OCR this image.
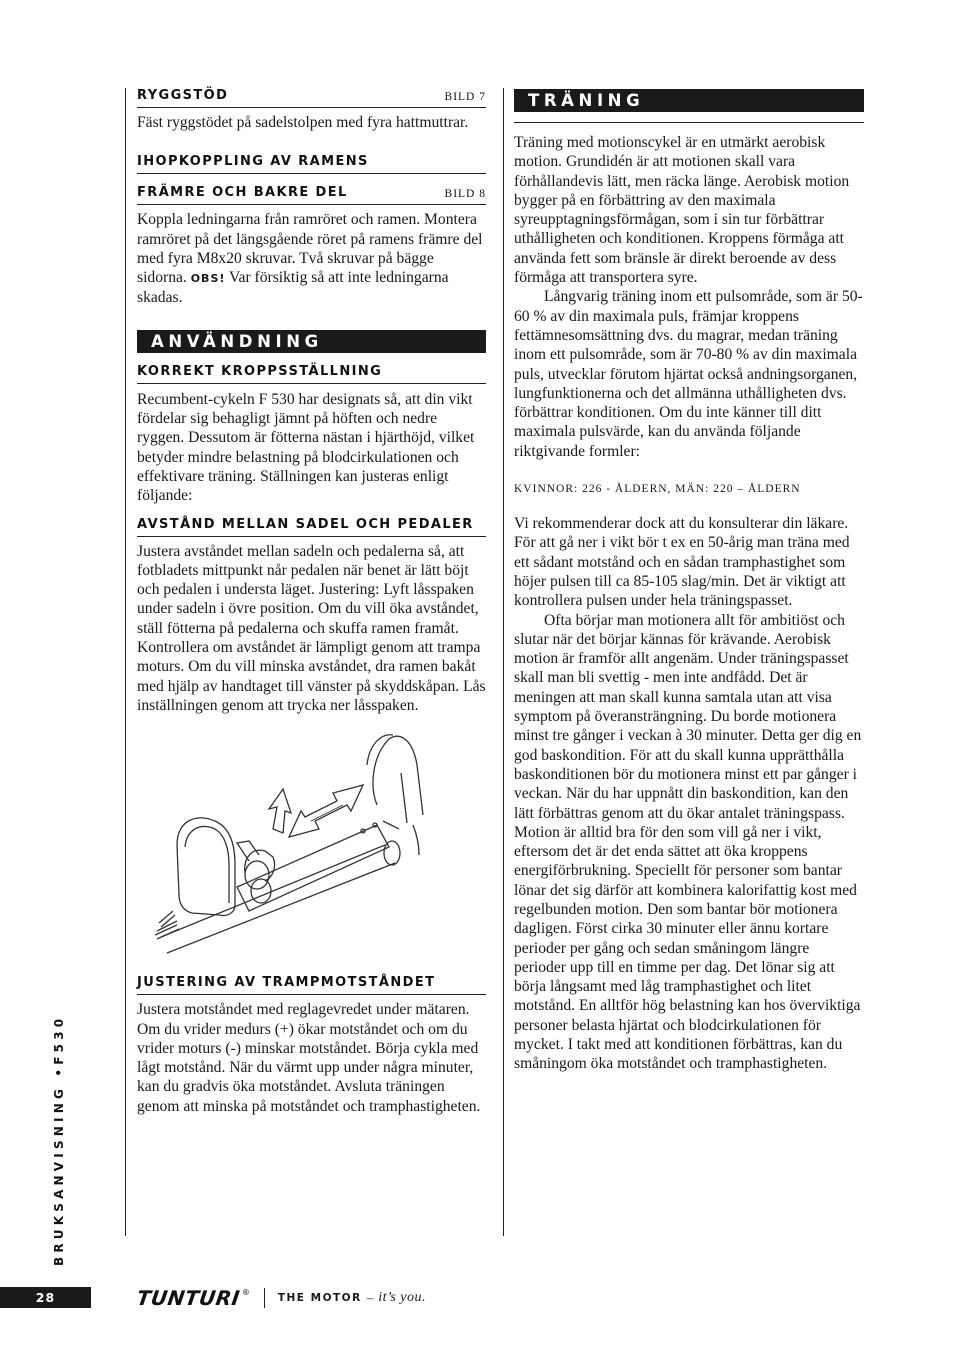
RYGGSTÖD	BILD 7

Fäst ryggstödet på sadelstolpen med fyra hattmuttrar.

IHOPKOPPLING AV RAMENS
FRÄMRE OCH BAKRE DEL	BILD 8

Koppla ledningarna från ramröret och ramen. Montera ramröret på det längsgående röret på ramens främre del med fyra M8x20 skruvar. Två skruvar på bägge sidorna. OBS! Var försiktig så att inte ledningarna skadas.

ANVÄNDNING
KORREKT KROPPSSTÄLLNING

Recumbent-cykeln F 530 har designats så, att din vikt fördelar sig behagligt jämnt på höften och nedre ryggen. Dessutom är fötterna nästan i hjärthöjd, vilket betyder mindre belastning på blodcirkulationen och effektivare träning. Ställningen kan justeras enligt följande:

AVSTÅND MELLAN SADEL OCH PEDALER

Justera avståndet mellan sadeln och pedalerna så, att fotbladets mittpunkt når pedalen när benet är lätt böjt och pedalen i understa läget. Justering: Lyft låsspaken under sadeln i övre position. Om du vill öka avståndet, ställ fötterna på pedalerna och skuffa ramen framåt. Kontrollera om avståndet är lämpligt genom att trampa moturs. Om du vill minska avståndet, dra ramen bakåt med hjälp av handtaget till vänster på skyddskåpan. Lås inställningen genom att trycka ner låsspaken.

JUSTERING AV TRAMPMOTSTÅNDET

Justera motståndet med reglagevredet under mätaren. Om du vrider medurs (+) ökar motståndet och om du vrider moturs (-) minskar motståndet. Börja cykla med lågt motstånd. När du värmt upp under några minuter, kan du gradvis öka motståndet. Avsluta träningen genom att minska på motståndet och tramphastigheten.

TRÄNING

Träning med motionscykel är en utmärkt aerobisk motion. Grundidén är att motionen skall vara förhållandevis lätt, men räcka länge. Aerobisk motion bygger på en förbättring av den maximala syreupptagningsförmågan, som i sin tur förbättrar uthålligheten och konditionen. Kroppens förmåga att använda fett som bränsle är direkt beroende av dess förmåga att transportera syre.

Långvarig träning inom ett pulsområde, som är 50-60 % av din maximala puls, främjar kroppens fettämnesomsättning dvs. du magrar, medan träning inom ett pulsområde, som är 70-80 % av din maximala puls, utvecklar förutom hjärtat också andningsorganen, lungfunktionerna och det allmänna uthålligheten dvs. förbättrar konditionen. Om du inte känner till ditt maximala pulsvärde, kan du använda följande riktgivande formler:

KVINNOR: 226 - ÅLDERN, MÄN: 220 – ÅLDERN

Vi rekommenderar dock att du konsulterar din läkare. För att gå ner i vikt bör t ex en 50-årig man träna med ett sådant motstånd och en sådan tramphastighet som höjer pulsen till ca 85-105 slag/min. Det är viktigt att kontrollera pulsen under hela träningspasset.

Ofta börjar man motionera allt för ambitiöst och slutar när det börjar kännas för krävande. Aerobisk motion är framför allt angenäm. Under träningspasset skall man bli svettig - men inte andfådd. Det är meningen att man skall kunna samtala utan att visa symptom på överansträngning. Du borde motionera minst tre gånger i veckan à 30 minuter. Detta ger dig en god baskondition. För att du skall kunna upprätthålla baskonditionen bör du motionera minst ett par gånger i veckan. När du har uppnått din baskondition, kan den lätt förbättras genom att du ökar antalet träningspass. Motion är alltid bra för den som vill gå ner i vikt, eftersom det är det enda sättet att öka kroppens energiförbrukning. Speciellt för personer som bantar lönar det sig därför att kombinera kalorifattig kost med regelbunden motion. Den som bantar bör motionera dagligen. Först cirka 30 minuter eller ännu kortare perioder per gång och sedan småningom längre perioder upp till en timme per dag. Det lönar sig att börja långsamt med låg tramphastighet och litet motstånd. En alltför hög belastning kan hos överviktiga personer belasta hjärtat och blodcirkulationen för mycket. I takt med att konditionen förbättras, kan du småningom öka motståndet och tramphastigheten.

BRUKSANVISNING •F530
28	TUNTURI ®	THE MOTOR – it’s you.
